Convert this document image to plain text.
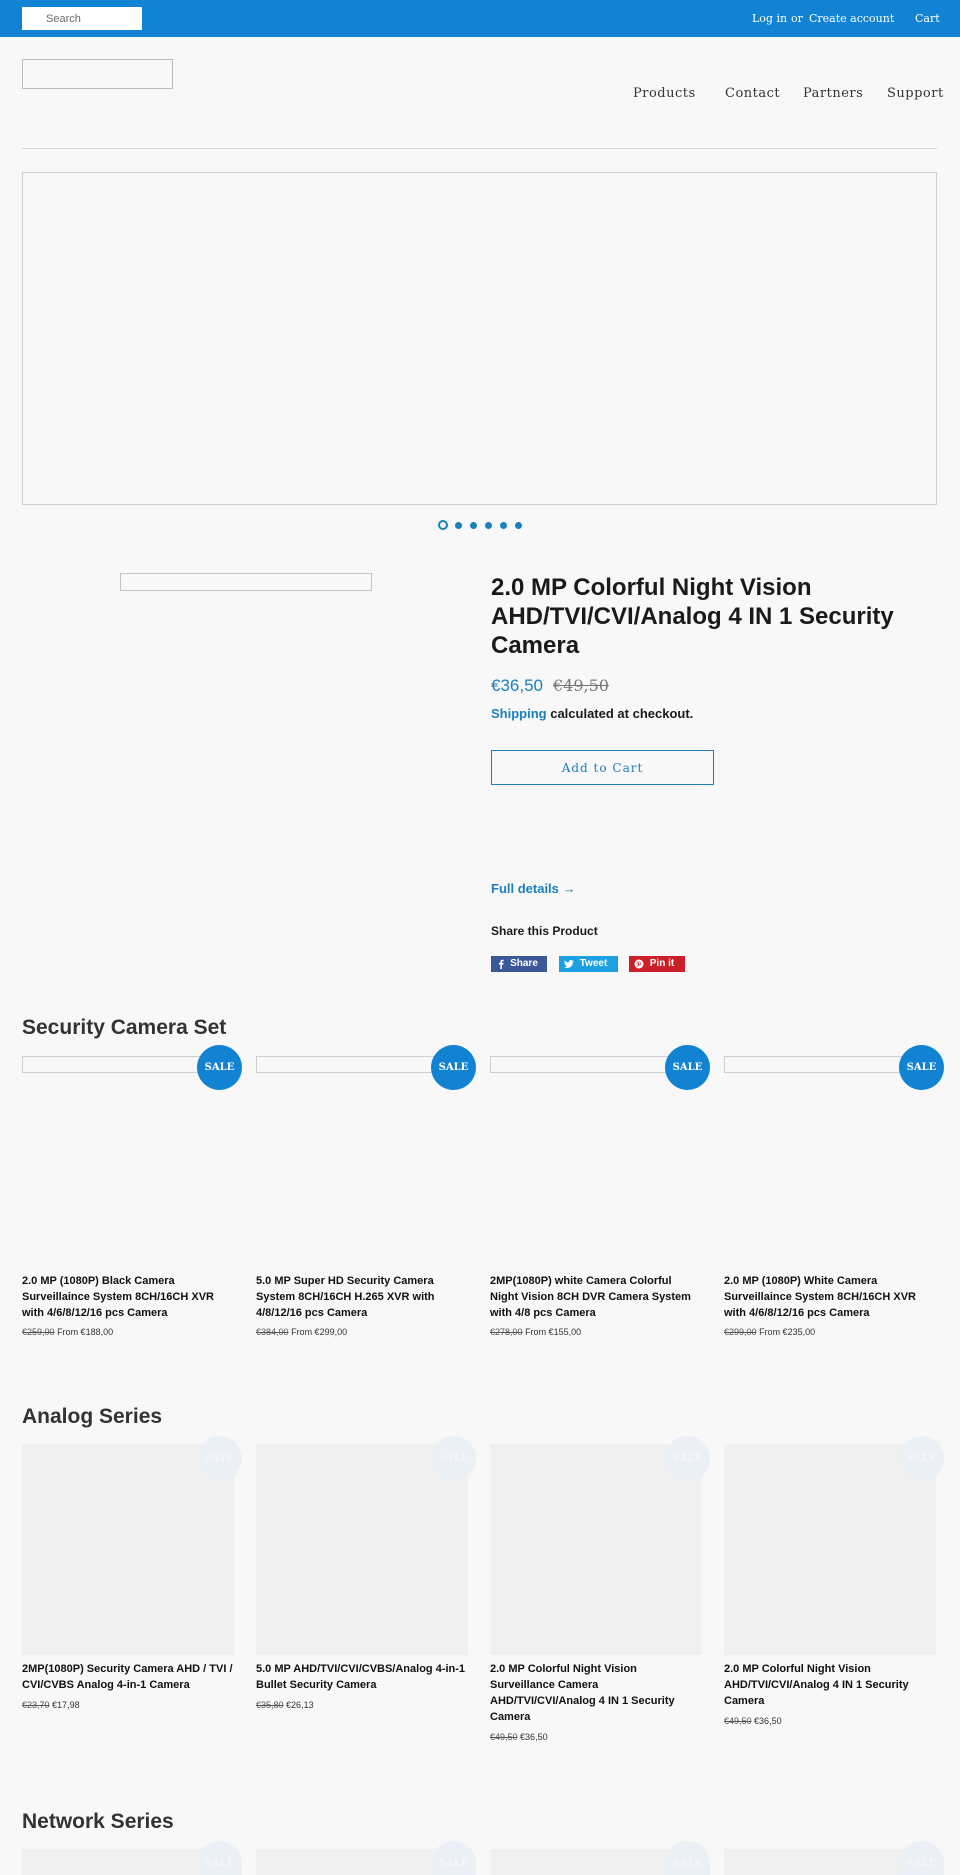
Search
Log in or Create account Cart
Products Contact Partners Support
2.0 MP Colorful Night Vision AHD/TVI/CVI/Analog 4 IN 1 Security Camera
€36,50 €49,50
Shipping calculated at checkout.
Add to Cart
Full details →
Share this Product
Share	Tweet	Pin it
Security Camera Set
SALE
2.0 MP (1080P) Black Camera Surveillaince System 8CH/16CH XVR with 4/6/8/12/16 pcs Camera
€259,00 From €188,00
SALE
5.0 MP Super HD Security Camera System 8CH/16CH H.265 XVR with 4/8/12/16 pcs Camera
€384,00 From €299,00
SALE
2MP(1080P) white Camera Colorful Night Vision 8CH DVR Camera System with 4/8 pcs Camera
€278,00 From €155,00
SALE
2.0 MP (1080P) White Camera Surveillaince System 8CH/16CH XVR with 4/6/8/12/16 pcs Camera
€299,00 From €235,00
Analog Series
SALE
2MP(1080P) Security Camera AHD / TVI / CVI/CVBS Analog 4-in-1 Camera
€23,70 €17,98
SALE
5.0 MP AHD/TVI/CVI/CVBS/Analog 4-in-1 Bullet Security Camera
€35,80 €26,13
SALE
2.0 MP Colorful Night Vision Surveillance Camera AHD/TVI/CVI/Analog 4 IN 1 Security Camera
€49,50 €36,50
SALE
2.0 MP Colorful Night Vision AHD/TVI/CVI/Analog 4 IN 1 Security Camera
€49,50 €36,50
Network Series
SALE	SALE	SALE	SALE
